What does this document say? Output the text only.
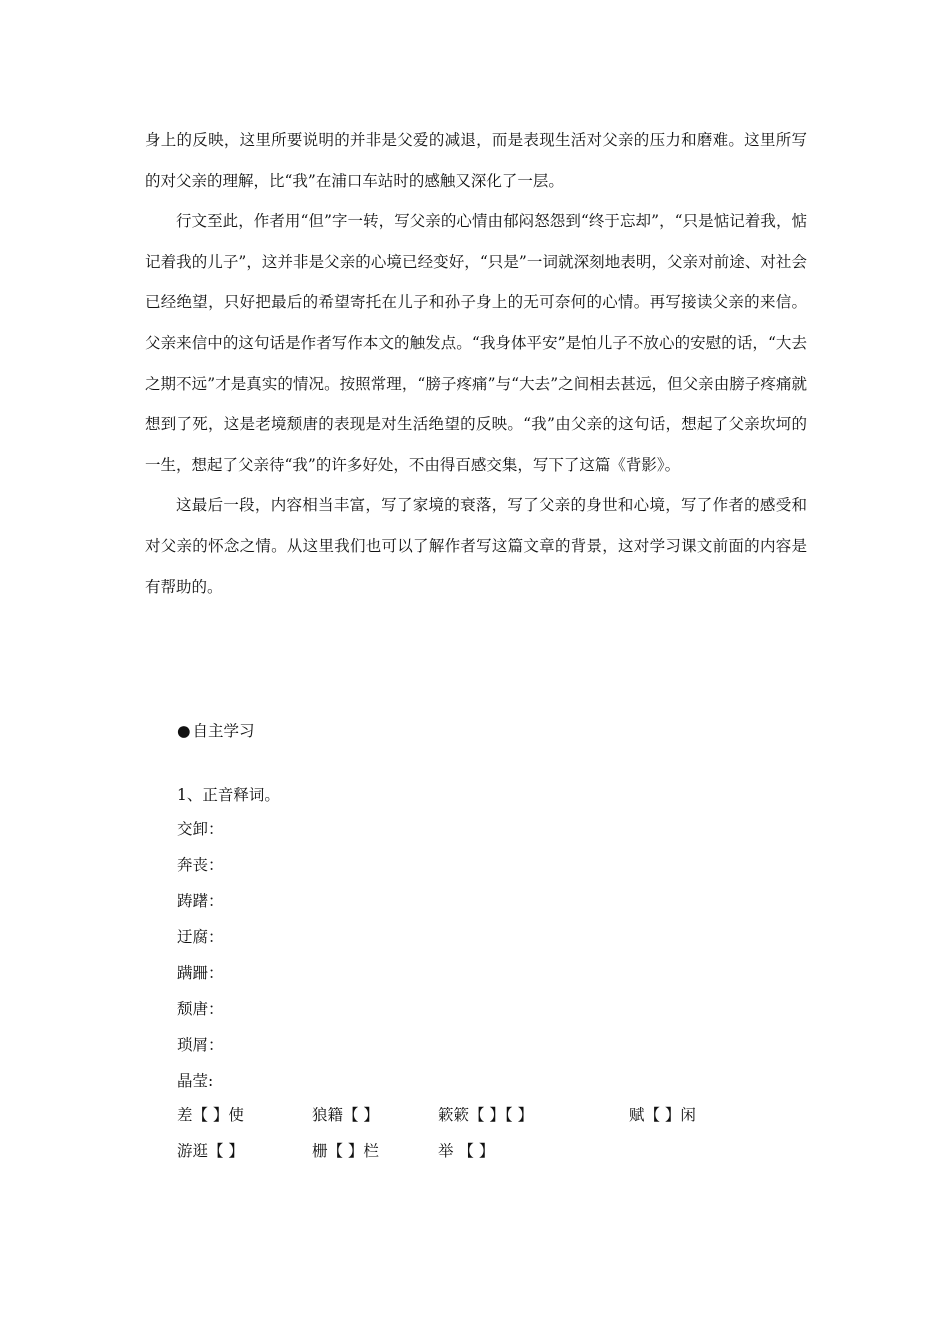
身上的反映，这里所要说明的并非是父爱的减退，而是表现生活对父亲的压力和磨难。这里所写的对父亲的理解，比“我”在浦口车站时的感触又深化了一层。

行文至此，作者用“但”字一转，写父亲的心情由郁闷怒怨到“终于忘却”，“只是惦记着我，惦记着我的儿子”，这并非是父亲的心境已经变好，“只是”一词就深刻地表明，父亲对前途、对社会已经绝望，只好把最后的希望寄托在儿子和孙子身上的无可奈何的心情。再写接读父亲的来信。父亲来信中的这句话是作者写作本文的触发点。“我身体平安”是怕儿子不放心的安慰的话，“大去之期不远”才是真实的情况。按照常理，“膀子疼痛”与“大去”之间相去甚远，但父亲由膀子疼痛就想到了死，这是老境颓唐的表现是对生活绝望的反映。“我”由父亲的这句话，想起了父亲坎坷的一生，想起了父亲待“我”的许多好处，不由得百感交集，写下了这篇《背影》。

这最后一段，内容相当丰富，写了家境的衰落，写了父亲的身世和心境，写了作者的感受和对父亲的怀念之情。从这里我们也可以了解作者写这篇文章的背景，这对学习课文前面的内容是有帮助的。

● 自主学习
1、正音释词。
交卸：
奔丧：
踌躇：
迂腐：
蹒跚：
颓唐：
琐屑：
晶莹:
差【 】使	狼籍【 】	簌簌【 】【 】	赋【 】闲
游逛【 】	栅【 】栏	举 【 】
